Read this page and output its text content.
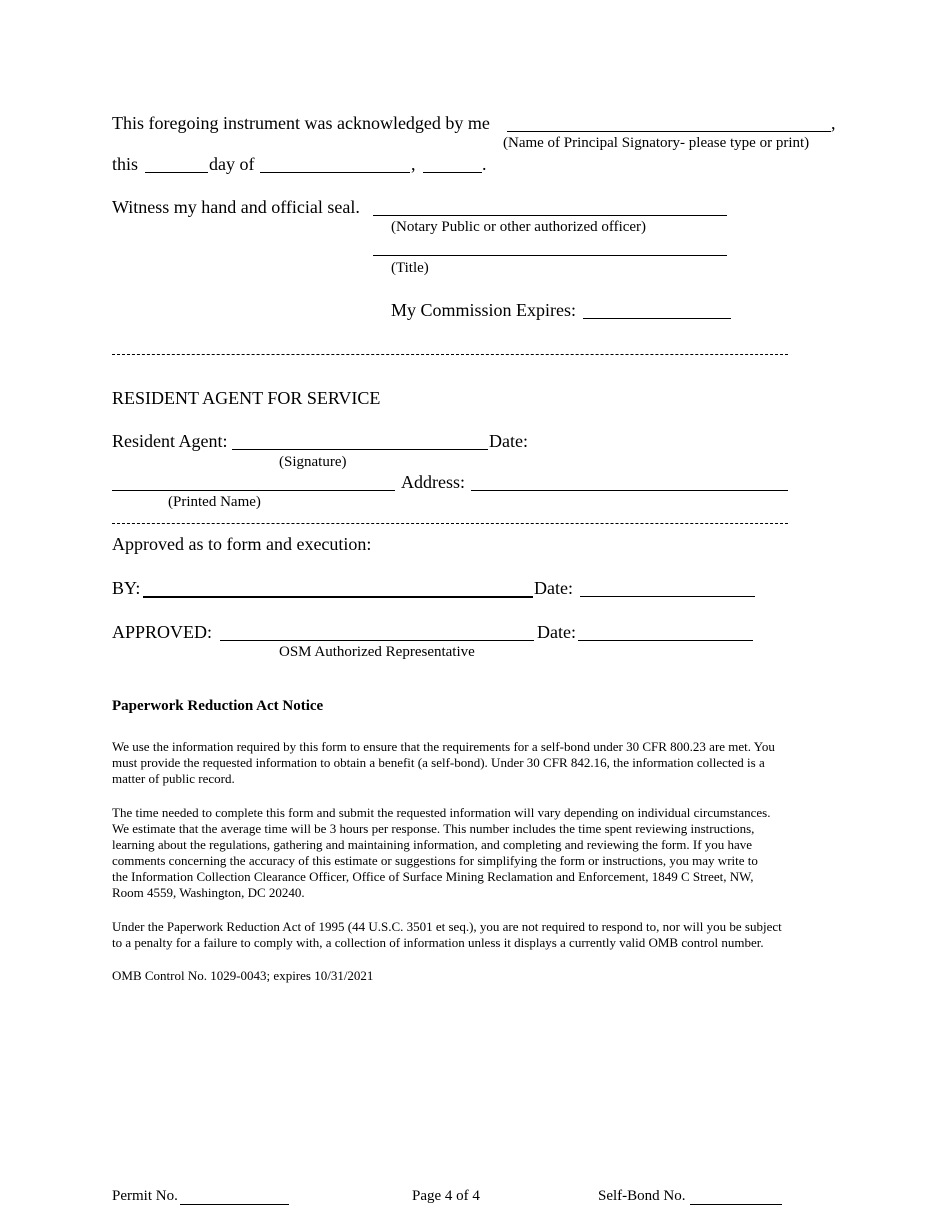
This foregoing instrument was acknowledged by me	,
(Name of Principal Signatory- please type or print)
this	day of	,	.
Witness my hand and official seal.
(Notary Public or other authorized officer)
(Title)
My Commission Expires:
RESIDENT AGENT FOR SERVICE
Resident Agent:	Date:
(Signature)
Address:
(Printed Name)
Approved as to form and execution:
BY:	Date:
APPROVED:	Date:
OSM Authorized Representative
Paperwork Reduction Act Notice
We use the information required by this form to ensure that the requirements for a self-bond under 30 CFR 800.23 are met. You
must provide the requested information to obtain a benefit (a self-bond). Under 30 CFR 842.16, the information collected is a
matter of public record.
The time needed to complete this form and submit the requested information will vary depending on individual circumstances.
We estimate that the average time will be 3 hours per response. This number includes the time spent reviewing instructions,
learning about the regulations, gathering and maintaining information, and completing and reviewing the form. If you have
comments concerning the accuracy of this estimate or suggestions for simplifying the form or instructions, you may write to
the Information Collection Clearance Officer, Office of Surface Mining Reclamation and Enforcement, 1849 C Street, NW,
Room 4559, Washington, DC 20240.
Under the Paperwork Reduction Act of 1995 (44 U.S.C. 3501 et seq.), you are not required to respond to, nor will you be subject
to a penalty for a failure to comply with, a collection of information unless it displays a currently valid OMB control number.
OMB Control No. 1029-0043; expires 10/31/2021
Permit No.	Page 4 of 4	Self-Bond No.
